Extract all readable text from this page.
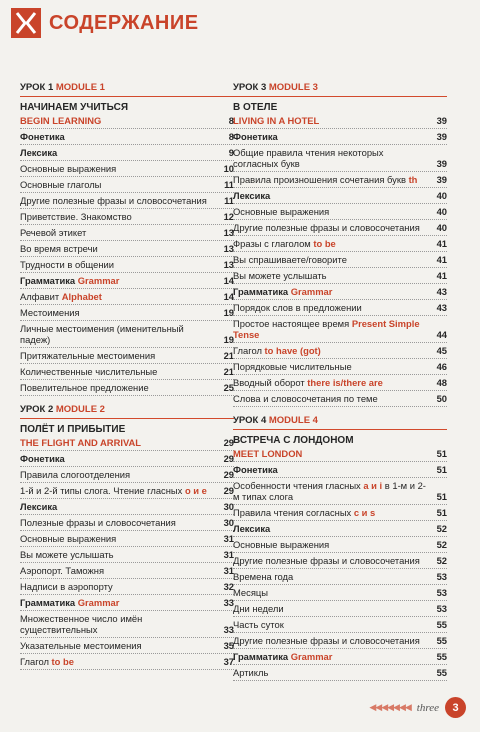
СОДЕРЖАНИЕ
УРОК 1 MODULE 1
НАЧИНАЕМ УЧИТЬСЯ
BEGIN LEARNING	8
Фонетика	8
Лексика	9
Основные выражения	10
Основные глаголы	11
Другие полезные фразы и словосочетания	11
Приветствие. Знакомство	12
Речевой этикет	13
Во время встречи	13
Трудности в общении	13
Грамматика Grammar	14
Алфавит Alphabet	14
Местоимения	19
Личные местоимения (именительный падеж)	19
Притяжательные местоимения	21
Количественные числительные	21
Повелительное предложение	25
УРОК 2 MODULE 2
ПОЛЁТ И ПРИБЫТИЕ
THE FLIGHT AND ARRIVAL	29
Фонетика	29
Правила слогоотделения	29
1-й и 2-й типы слога. Чтение гласных o и e	29
Лексика	30
Полезные фразы и словосочетания	30
Основные выражения	31
Вы можете услышать	31
Аэропорт. Таможня	31
Надписи в аэропорту	32
Грамматика Grammar	33
Множественное число имён существительных	33
Указательные местоимения	35
Глагол to be	37
УРОК 3 MODULE 3
В ОТЕЛЕ
LIVING IN A HOTEL	39
Фонетика	39
Общие правила чтения некоторых согласных букв	39
Правила произношения сочетания букв th	39
Лексика	40
Основные выражения	40
Другие полезные фразы и словосочетания	40
Фразы с глаголом to be	41
Вы спрашиваете/говорите	41
Вы можете услышать	41
Грамматика Grammar	43
Порядок слов в предложении	43
Простое настоящее время Present Simple Tense	44
Глагол to have (got)	45
Порядковые числительные	46
Вводный оборот there is/there are	48
Слова и словосочетания по теме	50
УРОК 4 MODULE 4
ВСТРЕЧА С ЛОНДОНОМ
MEET LONDON	51
Фонетика	51
Особенности чтения гласных a и i в 1-м и 2-м типах слога	51
Правила чтения согласных c и s	51
Лексика	52
Основные выражения	52
Другие полезные фразы и словосочетания	52
Времена года	53
Месяцы	53
Дни недели	53
Часть суток	55
Другие полезные фразы и словосочетания	55
Грамматика Grammar	55
Артикль	55
◀◀◀◀◀◀◀ three	3
